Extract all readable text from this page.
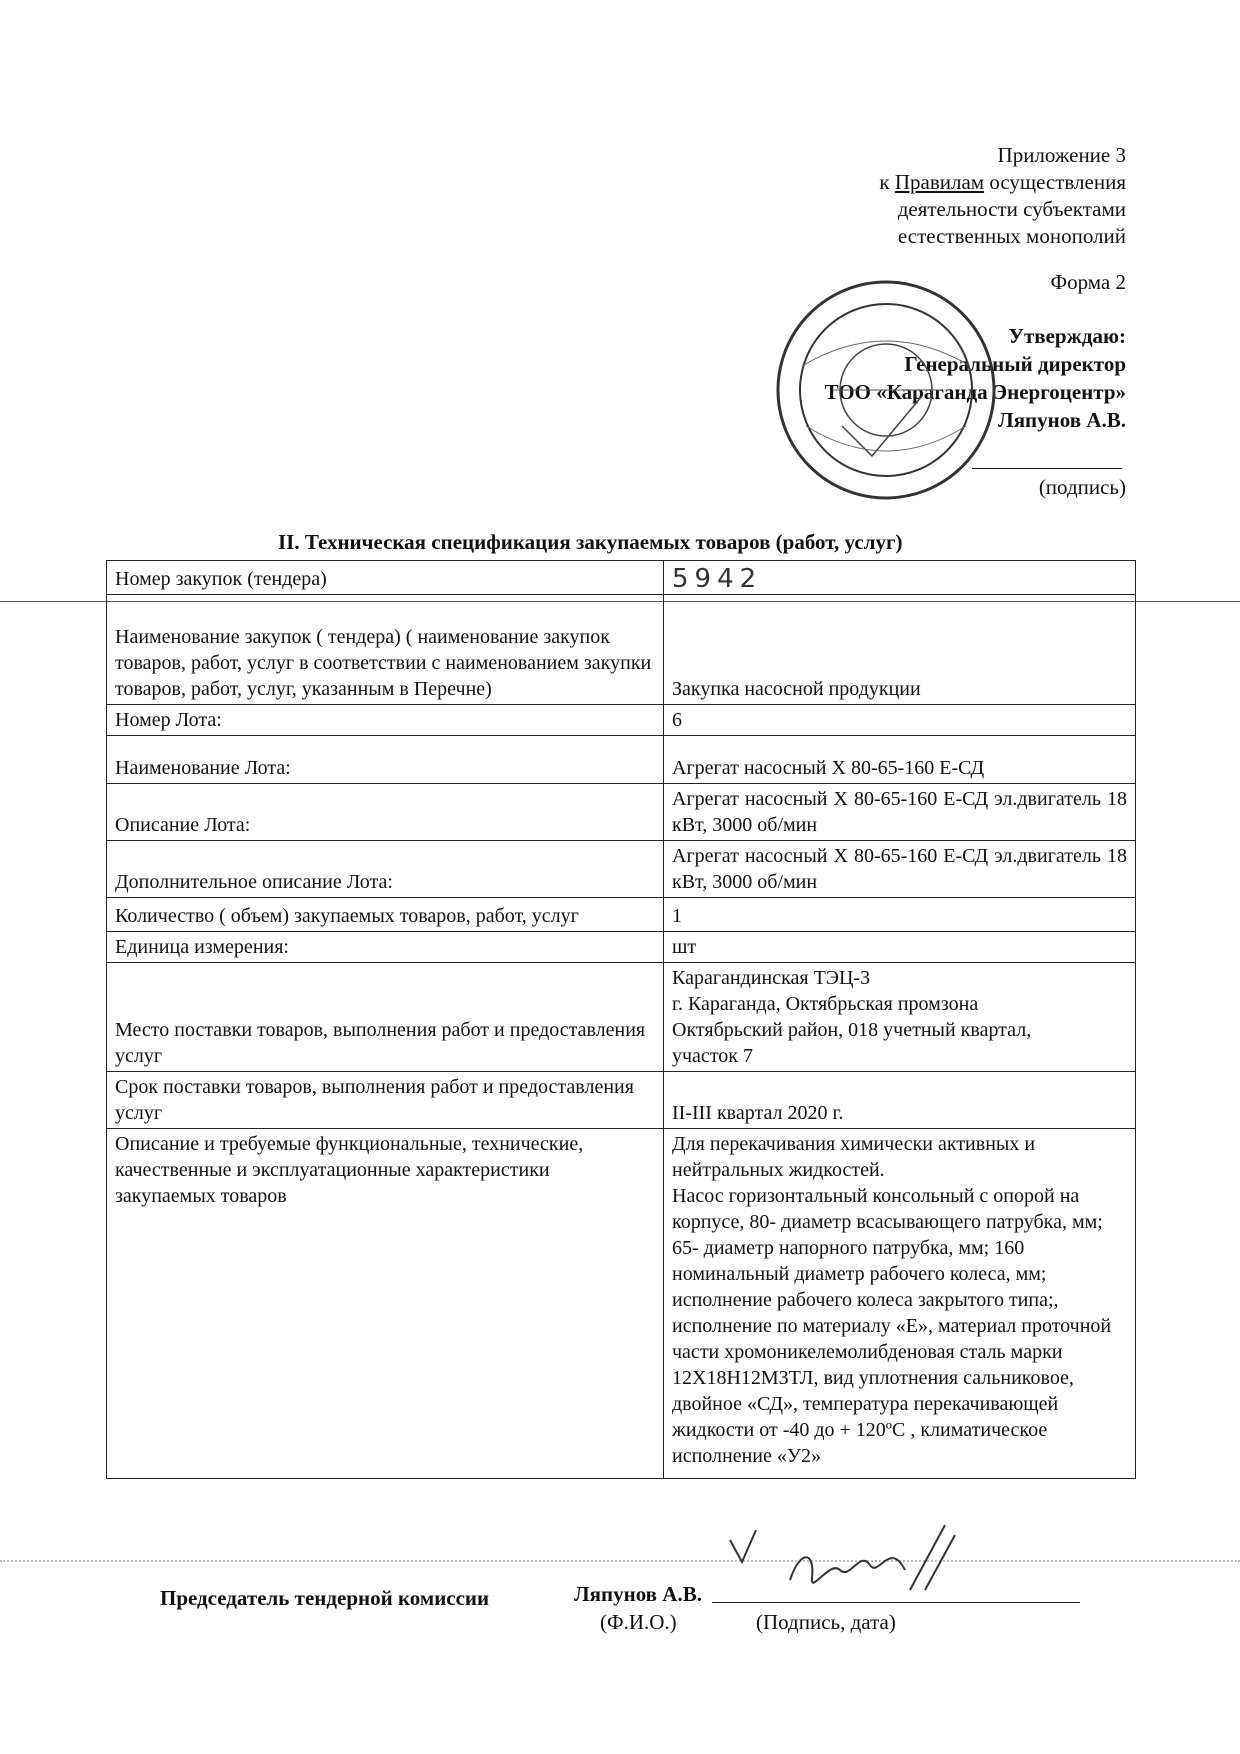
Приложение 3
к Правилам осуществления
деятельности субъектами
естественных монополий
Форма 2
Утверждаю:
Генеральный директор
ТОО «Караганда Энергоцентр»
Ляпунов А.В.
(подпись)
II. Техническая спецификация закупаемых товаров (работ, услуг)
Номер закупок (тендера)	5942
Наименование закупок ( тендера) ( наименование закупок товаров, работ, услуг в соответствии с наименованием закупки товаров, работ, услуг, указанным в Перечне)	Закупка насосной продукции
Номер Лота:	6
Наименование Лота:	Агрегат насосный Х 80-65-160 Е-СД
Описание Лота:	Агрегат насосный Х 80-65-160 Е-СД эл.двигатель 18 кВт, 3000 об/мин
Дополнительное описание Лота:	Агрегат насосный Х 80-65-160 Е-СД эл.двигатель 18 кВт, 3000 об/мин
Количество ( объем) закупаемых товаров, работ, услуг	1
Единица измерения:	шт
Место поставки товаров, выполнения работ и предоставления услуг	Карагандинская ТЭЦ-3
г. Караганда, Октябрьская промзона
Октябрьский район, 018 учетный квартал,
участок 7

Срок поставки товаров, выполнения работ и предоставления услуг	II-III квартал 2020 г.
Описание и требуемые функциональные, технические, качественные и эксплуатационные характеристики закупаемых товаров	Для перекачивания химически активных и нейтральных жидкостей.
Насос горизонтальный консольный с опорой на корпусе, 80- диаметр всасывающего патрубка, мм; 65- диаметр напорного патрубка, мм; 160 номинальный диаметр рабочего колеса, мм; исполнение рабочего колеса закрытого типа;, исполнение по материалу «Е», материал проточной части хромоникелемолибденовая сталь марки 12Х18Н12М3ТЛ, вид уплотнения сальниковое, двойное «СД», температура перекачивающей жидкости от -40 до + 120ºС , климатическое исполнение «У2»
Председатель тендерной комиссии	Ляпунов А.В.
(Ф.И.О.)	(Подпись, дата)
